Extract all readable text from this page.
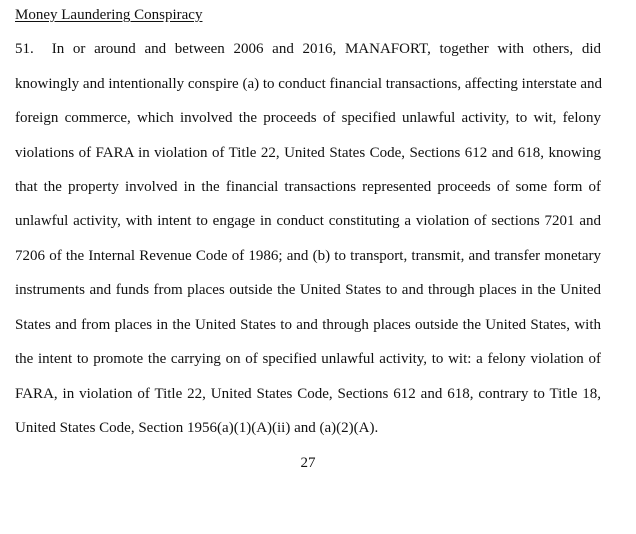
Money Laundering Conspiracy
51. In or around and between 2006 and 2016, MANAFORT, together with others, did
knowingly and intentionally conspire (a) to conduct financial transactions, affecting interstate and
foreign commerce, which involved the proceeds of specified unlawful activity, to wit, felony
violations of FARA in violation of Title 22, United States Code, Sections 612 and 618, knowing
that the property involved in the financial transactions represented proceeds of some form of
unlawful activity, with intent to engage in conduct constituting a violation of sections 7201 and
7206 of the Internal Revenue Code of 1986; and (b) to transport, transmit, and transfer monetary
instruments and funds from places outside the United States to and through places in the United
States and from places in the United States to and through places outside the United States, with
the intent to promote the carrying on of specified unlawful activity, to wit: a felony violation of
FARA, in violation of Title 22, United States Code, Sections 612 and 618, contrary to Title 18,
United States Code, Section 1956(a)(1)(A)(ii) and (a)(2)(A).
27
